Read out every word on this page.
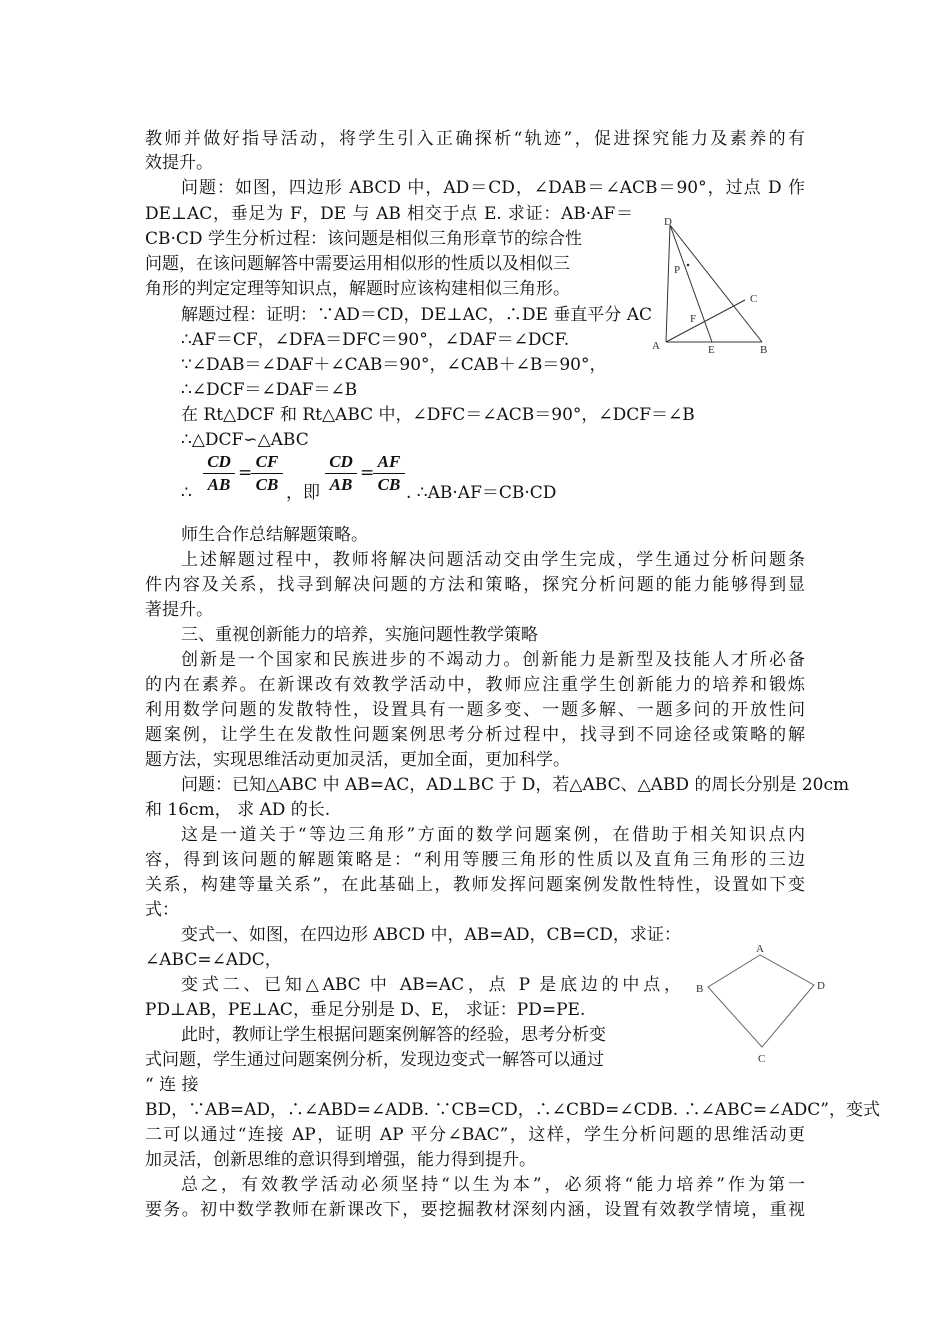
教师并做好指导活动，将学生引入正确探析“轨迹”，促进探究能力及素养的有
效提升。
问题：如图，四边形 ABCD 中，AD＝CD，∠DAB＝∠ACB＝90°，过点 D 作
DE⊥AC，垂足为 F，DE 与 AB 相交于点 E. 求证：AB·AF＝
CB·CD 学生分析过程：该问题是相似三角形章节的综合性
问题，在该问题解答中需要运用相似形的性质以及相似三
角形的判定定理等知识点，解题时应该构建相似三角形。
解题过程：证明：∵AD＝CD，DE⊥AC，∴DE 垂直平分 AC
∴AF＝CF，∠DFA＝DFC＝90°，∠DAF＝∠DCF.
∵∠DAB＝∠DAF＋∠CAB＝90°，∠CAB＋∠B＝90°，
∴∠DCF＝∠DAF＝∠B
在 Rt△DCF 和 Rt△ABC 中，∠DFC＝∠ACB＝90°，∠DCF＝∠B
∴△DCF∽△ABC
∴
CD
AB
=
CF
CB ，即
CD
AB
=
AF
CB . ∴AB·AF＝CB·CD
师生合作总结解题策略。
上述解题过程中，教师将解决问题活动交由学生完成，学生通过分析问题条
件内容及关系，找寻到解决问题的方法和策略，探究分析问题的能力能够得到显
著提升。
三、重视创新能力的培养，实施问题性教学策略
创新是一个国家和民族进步的不竭动力。创新能力是新型及技能人才所必备
的内在素养。在新课改有效教学活动中，教师应注重学生创新能力的培养和锻炼
利用数学问题的发散特性，设置具有一题多变、一题多解、一题多问的开放性问
题案例，让学生在发散性问题案例思考分析过程中，找寻到不同途径或策略的解
题方法，实现思维活动更加灵活，更加全面，更加科学。
问题：已知△ABC 中 AB=AC，AD⊥BC 于 D，若△ABC、△ABD 的周长分别是 20cm
和 16cm， 求 AD 的长.
这是一道关于“等边三角形”方面的数学问题案例，在借助于相关知识点内
容，得到该问题的解题策略是：“利用等腰三角形的性质以及直角三角形的三边
关系，构建等量关系”，在此基础上，教师发挥问题案例发散性特性，设置如下变
式：
变式一、如图，在四边形 ABCD 中，AB=AD，CB=CD，求证：
∠ABC=∠ADC，
变式二、已知△ABC 中 AB=AC，点 P 是底边的中点，
PD⊥AB，PE⊥AC，垂足分别是 D、E， 求证：PD=PE.
此时，教师让学生根据问题案例解答的经验，思考分析变
式问题，学生通过问题案例分析，发现边变式一解答可以通过
“ 连 接
BD，∵AB=AD，∴∠ABD=∠ADB. ∵CB=CD，∴∠CBD=∠CDB. ∴∠ABC=∠ADC”，变式
二可以通过“连接 AP，证明 AP 平分∠BAC”，这样，学生分析问题的思维活动更
加灵活，创新思维的意识得到增强，能力得到提升。
总之，有效教学活动必须坚持“以生为本”，必须将“能力培养”作为第一
要务。初中数学教师在新课改下，要挖掘教材深刻内涵，设置有效教学情境，重视
D
P
C
F
A	E	B
A
B	D
C
